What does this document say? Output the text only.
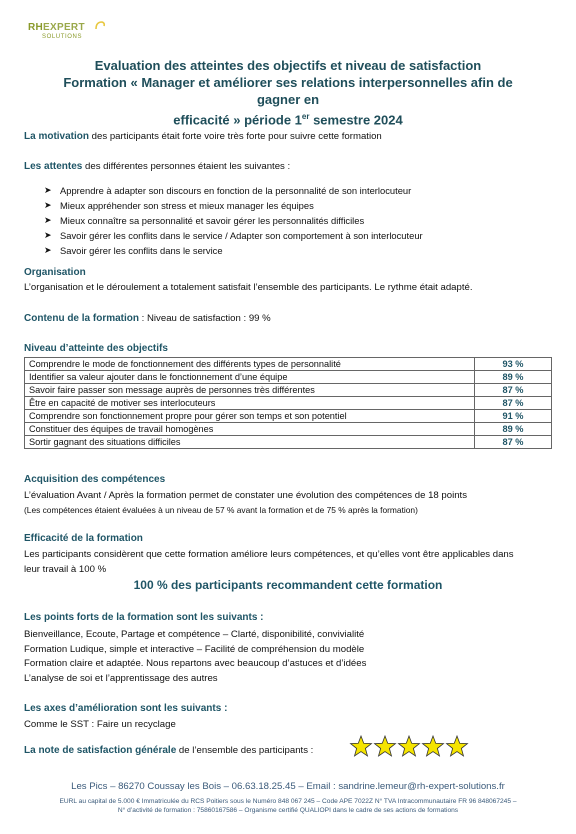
RHEXPERT
SOLUTIONS
Evaluation des atteintes des objectifs et niveau de satisfaction
Formation « Manager et améliorer ses relations interpersonnelles afin de gagner en
efficacité » période 1er semestre 2024
La motivation des participants était forte voire très forte pour suivre cette formation
Les attentes des différentes personnes étaient les suivantes :
➤ Apprendre à adapter son discours en fonction de la personnalité de son interlocuteur
➤ Mieux appréhender son stress et mieux manager les équipes
➤ Mieux connaître sa personnalité et savoir gérer les personnalités difficiles
➤ Savoir gérer les conflits dans le service / Adapter son comportement à son interlocuteur
➤ Savoir gérer les conflits dans le service
Organisation
L’organisation et le déroulement a totalement satisfait l’ensemble des participants. Le rythme était adapté.
Contenu de la formation : Niveau de satisfaction : 99 %
Niveau d’atteinte des objectifs
Comprendre le mode de fonctionnement des différents types de personnalité	93 %
Identifier sa valeur ajouter dans le fonctionnement d’une équipe	89 %
Savoir faire passer son message auprès de personnes très différentes	87 %
Être en capacité de motiver ses interlocuteurs	87 %
Comprendre son fonctionnement propre pour gérer son temps et son potentiel	91 %
Constituer des équipes de travail homogènes	89 %
Sortir gagnant des situations difficiles	87 %
Acquisition des compétences
L’évaluation Avant / Après la formation permet de constater une évolution des compétences de 18 points
(Les compétences étaient évaluées à un niveau de 57 % avant la formation et de 75 % après la formation)
Efficacité de la formation
Les participants considèrent que cette formation améliore leurs compétences, et qu’elles vont être applicables dans
leur travail à 100 %
100 % des participants recommandent cette formation
Les points forts de la formation sont les suivants :
Bienveillance, Ecoute, Partage et compétence – Clarté, disponibilité, convivialité
Formation Ludique, simple et interactive – Facilité de compréhension du modèle
Formation claire et adaptée. Nous repartons avec beaucoup d’astuces et d’idées
L’analyse de soi et l’apprentissage des autres
Les axes d’amélioration sont les suivants :
Comme le SST : Faire un recyclage
La note de satisfaction générale de l’ensemble des participants :
Les Pics – 86270 Coussay les Bois – 06.63.18.25.45 – Email : sandrine.lemeur@rh-expert-solutions.fr
EURL au capital de 5.000 € Immatriculée du RCS Poitiers sous le Numéro 848 067 245 – Code APE 7022Z N° TVA Intracommunautaire FR 96 848067245 –
N° d’activité de formation : 75860167586 – Organisme certifié QUALIOPI dans le cadre de ses actions de formations
